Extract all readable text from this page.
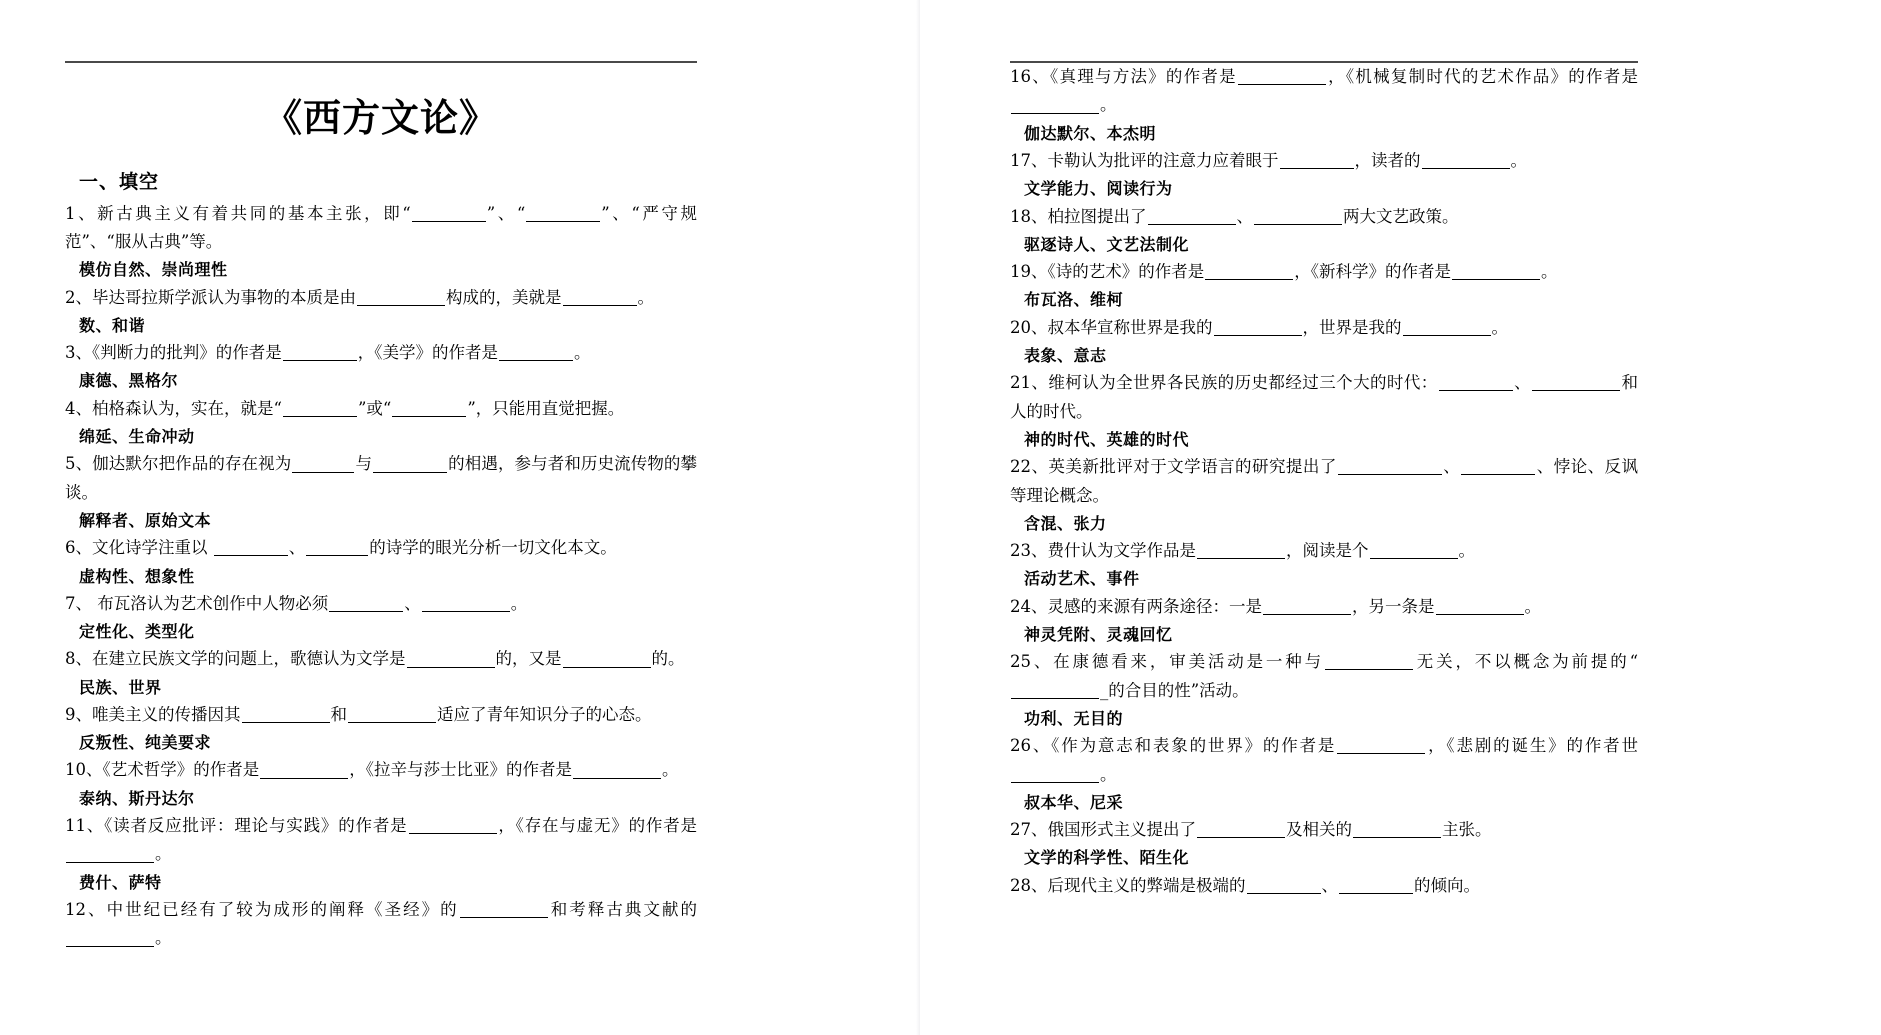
《西方文论》
一、填空

1、新古典主义有着共同的基本主张，即“	”、“	”、“严守规范”、“服从古典”等。

模仿自然、崇尚理性

2、毕达哥拉斯学派认为事物的本质是由	构成的，美就是	。

数、和谐

3、《判断力的批判》的作者是	，《美学》的作者是	。

康德、黑格尔

4、柏格森认为，实在，就是“	”或“	”，只能用直觉把握。

绵延、生命冲动

5、伽达默尔把作品的存在视为	与	的相遇，参与者和历史流传物的攀谈。

解释者、原始文本

6、文化诗学注重以	、	的诗学的眼光分析一切文化本文。

虚构性、想象性

7、 布瓦洛认为艺术创作中人物必须	、	。

定性化、类型化

8、在建立民族文学的问题上，歌德认为文学是	的，又是	的。

民族、世界

9、唯美主义的传播因其	和	适应了青年知识分子的心态。

反叛性、纯美要求

10、《艺术哲学》的作者是	，《拉辛与莎士比亚》的作者是	。

泰纳、斯丹达尔

11、《读者反应批评：理论与实践》的作者是	，《存在与虚无》的作者是。

费什、萨特

12、中世纪已经有了较为成形的阐释《圣经》的	和考释古典文献的。

16、《真理与方法》的作者是	，《机械复制时代的艺术作品》的作者是。

伽达默尔、本杰明

17、卡勒认为批评的注意力应着眼于	，读者的	。

文学能力、阅读行为

18、柏拉图提出了	、	两大文艺政策。

驱逐诗人、文艺法制化

19、《诗的艺术》的作者是	，《新科学》的作者是	。

布瓦洛、维柯

20、叔本华宣称世界是我的	，世界是我的	。

表象、意志

21、维柯认为全世界各民族的历史都经过三个大的时代：	、	和人的时代。

神的时代、英雄的时代

22、英美新批评对于文学语言的研究提出了	、	、悖论、反讽等理论概念。

含混、张力

23、费什认为文学作品是	，阅读是个	。

活动艺术、事件

24、灵感的来源有两条途径：一是	，另一条是	。

神灵凭附、灵魂回忆

25、在康德看来，审美活动是一种与	无关，不以概念为前提的“_的合目的性”活动。

功利、无目的

26、《作为意志和表象的世界》的作者是	，《悲剧的诞生》的作者世。

叔本华、尼采

27、俄国形式主义提出了	及相关的	主张。

文学的科学性、陌生化

28、后现代主义的弊端是极端的	、	的倾向。
